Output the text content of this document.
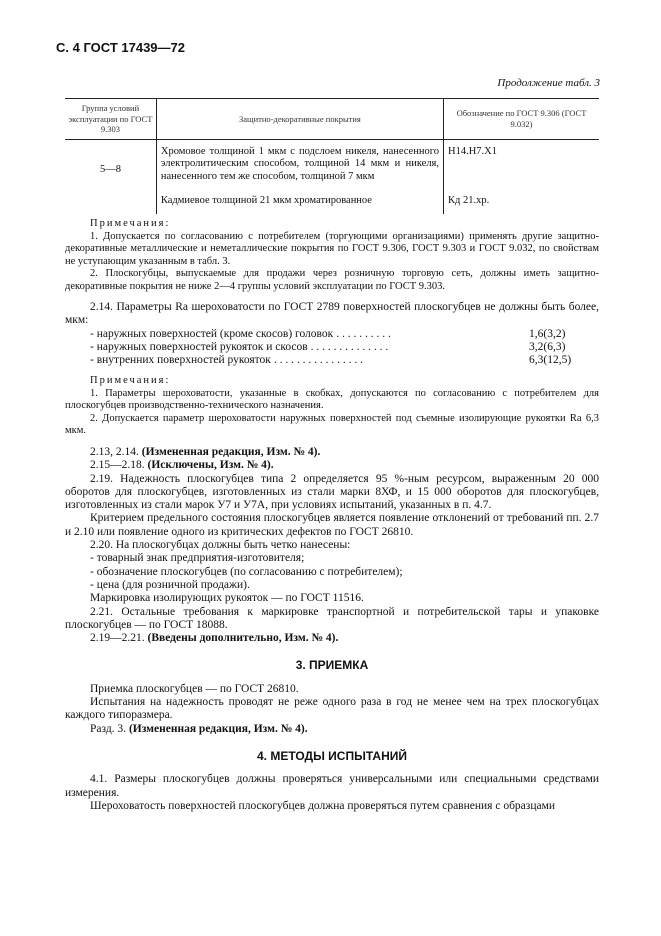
С. 4 ГОСТ 17439—72
Продолжение табл. 3
Группа условий эксплуатации по ГОСТ 9.303	Защитно-декоративные покрытия	Обозначение по ГОСТ 9.306 (ГОСТ 9.032)
5—8	Хромовое толщиной 1 мкм с подслоем никеля, нанесенного электролитическим способом, толщиной 14 мкм и никеля, нанесенного тем же способом, толщиной 7 мкм	Н14.Н7.Х1
	Кадмиевое толщиной 21 мкм хроматированное	Кд 21.хр.

Примечания:

1. Допускается по согласованию с потребителем (торгующими организациями) применять другие защитно-декоративные металлические и неметаллические покрытия по ГОСТ 9.306, ГОСТ 9.303 и ГОСТ 9.032, по свойствам не уступающим указанным в табл. 3.

2. Плоскогубцы, выпускаемые для продажи через розничную торговую сеть, должны иметь защитно-декоративные покрытия не ниже 2—4 группы условий эксплуатации по ГОСТ 9.303.

2.14. Параметры Ra шероховатости по ГОСТ 2789 поверхностей плоскогубцев не должны быть более, мкм:

- наружных поверхностей (кроме скосов) головок . . . . . . . . . .	1,6(3,2)
- наружных поверхностей рукояток и скосов . . . . . . . . . . . . . .	3,2(6,3)
- внутренних поверхностей рукояток . . . . . . . . . . . . . . . .	6,3(12,5)

Примечания:

1. Параметры шероховатости, указанные в скобках, допускаются по согласованию с потребителем для плоскогубцев производственно-технического назначения.

2. Допускается параметр шероховатости наружных поверхностей под съемные изолирующие рукоятки Ra 6,3 мкм.

2.13, 2.14. (Измененная редакция, Изм. № 4).

2.15—2.18. (Исключены, Изм. № 4).

2.19. Надежность плоскогубцев типа 2 определяется 95 %-ным ресурсом, выраженным 20 000 оборотов для плоскогубцев, изготовленных из стали марки 8ХФ, и 15 000 оборотов для плоскогубцев, изготовленных из стали марок У7 и У7А, при условиях испытаний, указанных в п. 4.7.

Критерием предельного состояния плоскогубцев является появление отклонений от требований пп. 2.7 и 2.10 или появление одного из критических дефектов по ГОСТ 26810.

2.20. На плоскогубцах должны быть четко нанесены:

- товарный знак предприятия-изготовителя;

- обозначение плоскогубцев (по согласованию с потребителем);

- цена (для розничной продажи).

Маркировка изолирующих рукояток — по ГОСТ 11516.

2.21. Остальные требования к маркировке транспортной и потребительской тары и упаковке плоскогубцев — по ГОСТ 18088.

2.19—2.21. (Введены дополнительно, Изм. № 4).

3. ПРИЕМКА

Приемка плоскогубцев — по ГОСТ 26810.

Испытания на надежность проводят не реже одного раза в год не менее чем на трех плоскогубцах каждого типоразмера.

Разд. 3. (Измененная редакция, Изм. № 4).

4. МЕТОДЫ ИСПЫТАНИЙ

4.1. Размеры плоскогубцев должны проверяться универсальными или специальными средствами измерения.

Шероховатость поверхностей плоскогубцев должна проверяться путем сравнения с образцами
